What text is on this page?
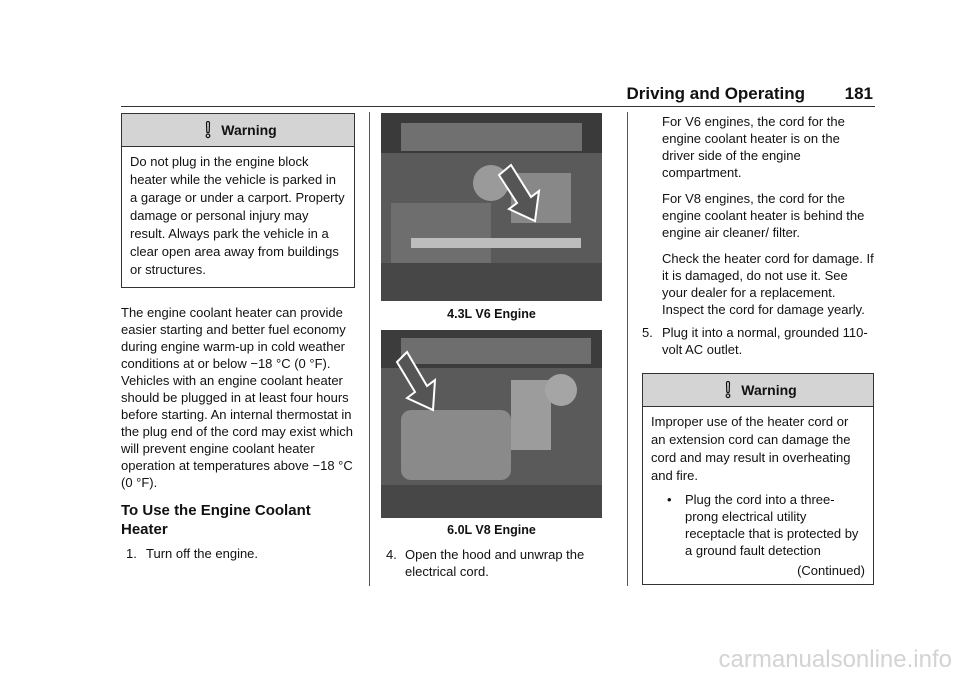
Driving and Operating 181
Warning
Do not plug in the engine block heater while the vehicle is parked in a garage or under a carport. Property damage or personal injury may result. Always park the vehicle in a clear open area away from buildings or structures.

The engine coolant heater can provide easier starting and better fuel economy during engine warm-up in cold weather conditions at or below −18 °C (0 °F). Vehicles with an engine coolant heater should be plugged in at least four hours before starting. An internal thermostat in the plug end of the cord may exist which will prevent engine coolant heater operation at temperatures above −18 °C (0 °F).

To Use the Engine Coolant Heater
1. Turn off the engine.
4.3L V6 Engine
6.0L V8 Engine
4. Open the hood and unwrap the electrical cord.

For V6 engines, the cord for the engine coolant heater is on the driver side of the engine compartment.

For V8 engines, the cord for the engine coolant heater is behind the engine air cleaner/ filter.

Check the heater cord for damage. If it is damaged, do not use it. See your dealer for a replacement. Inspect the cord for damage yearly.

5. Plug it into a normal, grounded 110-volt AC outlet.
Warning
Improper use of the heater cord or an extension cord can damage the cord and may result in overheating and fire.
• Plug the cord into a three-prong electrical utility receptacle that is protected by a ground fault detection
(Continued)
carmanualsonline.info
